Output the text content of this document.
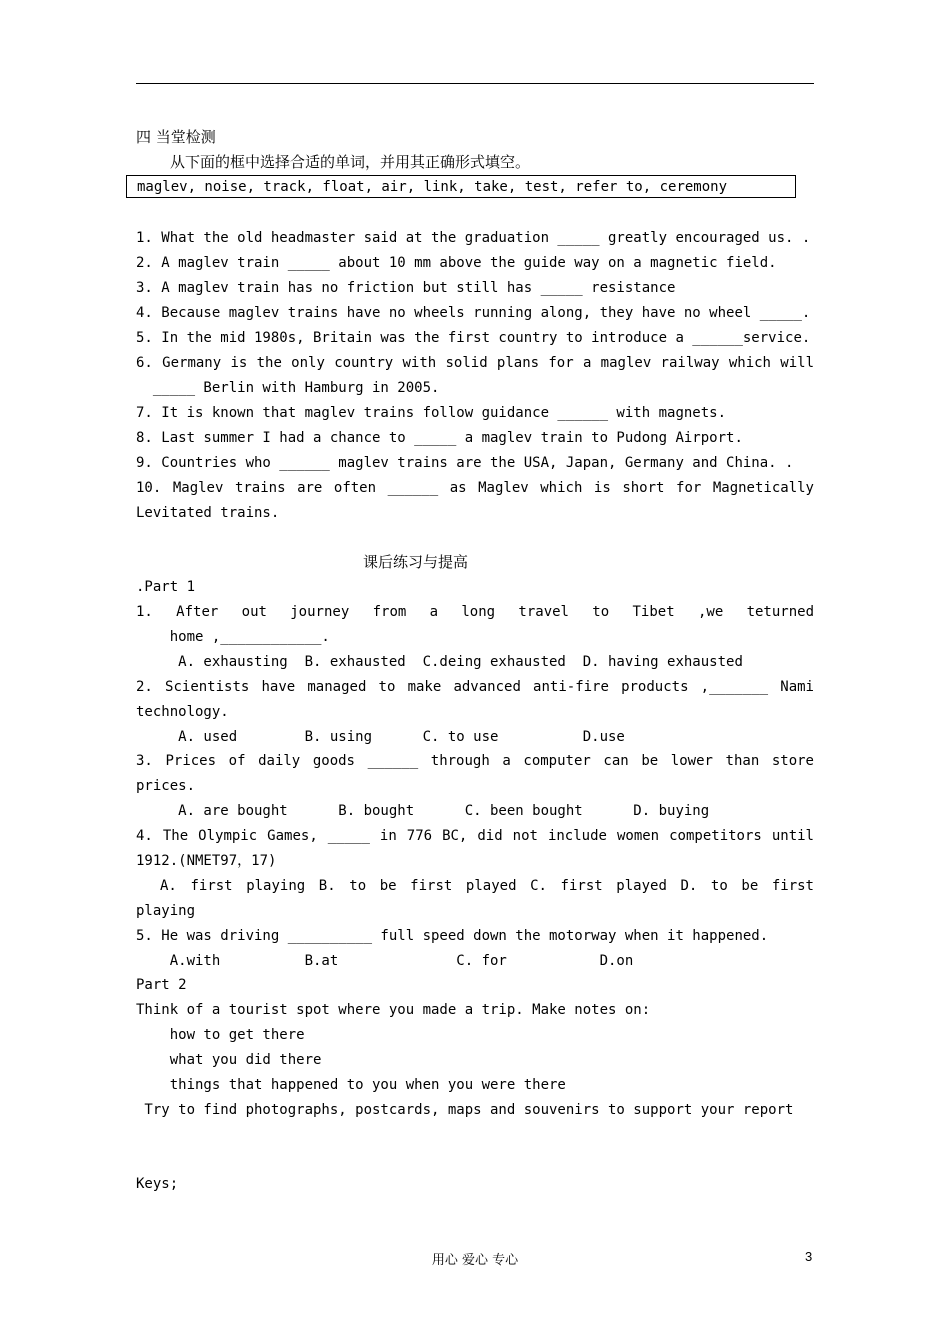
四 当堂检测
从下面的框中选择合适的单词，并用其正确形式填空。
maglev, noise, track, float, air, link, take, test, refer to, ceremony
1. What the old headmaster said at the graduation _____ greatly encouraged us. .
2. A maglev train _____ about 10 mm above the guide way on a magnetic field.
3. A maglev train has no friction but still has _____ resistance
4. Because maglev trains have no wheels running along, they have no wheel _____.
5. In the mid 1980s, Britain was the first country to introduce a ______service.
6. Germany is the only country with solid plans for a maglev railway which will
_____ Berlin with Hamburg in 2005.
7. It is known that maglev trains follow guidance ______ with magnets.
8. Last summer I had a chance to _____ a maglev train to Pudong Airport.
9. Countries who ______ maglev trains are the USA, Japan, Germany and China. .
10. Maglev trains are often ______ as Maglev which is short for Magnetically
Levitated trains.
课后练习与提高
.Part 1
1. After out journey from a long travel to Tibet ,we teturned
home ,____________.
A. exhausting  B. exhausted  C.deing exhausted  D. having exhausted
2. Scientists have managed to make advanced anti-fire products ,_______ Nami
technology.
A. used        B. using      C. to use          D.use
3. Prices of daily goods ______ through a computer can be lower than store
prices.
A. are bought      B. bought      C. been bought      D. buying
4. The Olympic Games, _____ in 776 BC, did not include women competitors until
1912.(NMET97，17)
A. first playing B. to be first played C. first played D. to be first
playing
5. He was driving __________ full speed down the motorway when it happened.
A.with          B.at              C. for           D.on
Part 2
Think of a tourist spot where you made a trip. Make notes on:
how to get there
what you did there
things that happened to you when you were there
Try to find photographs, postcards, maps and souvenirs to support your report
Keys;
用心 爱心 专心	3
